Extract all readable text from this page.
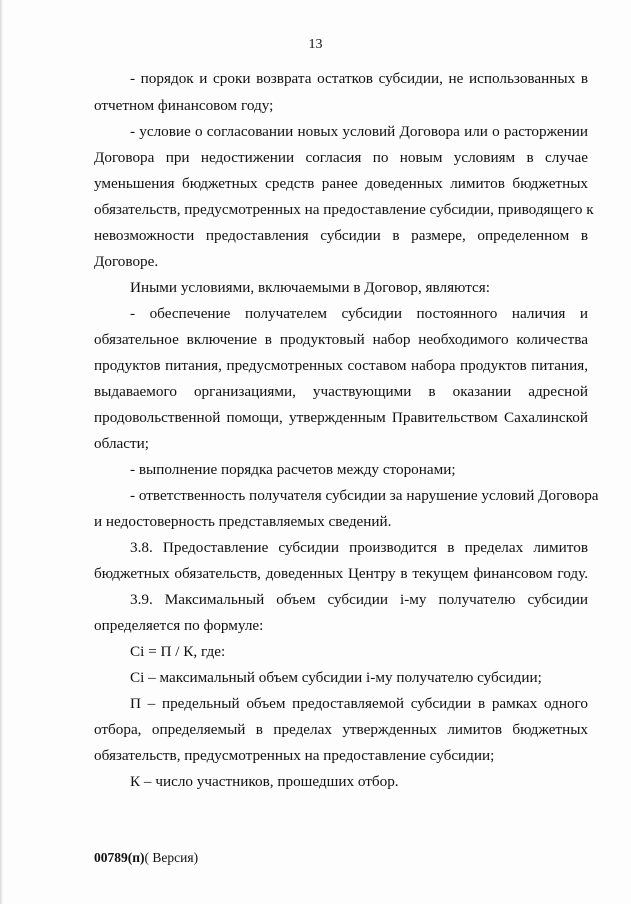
13
- порядок и сроки возврата остатков субсидии, не использованных в
отчетном финансовом году;
- условие о согласовании новых условий Договора или о расторжении
Договора при недостижении согласия по новым условиям в случае
уменьшения бюджетных средств ранее доведенных лимитов бюджетных
обязательств, предусмотренных на предоставление субсидии, приводящего к
невозможности предоставления субсидии в размере, определенном в
Договоре.
Иными условиями, включаемыми в Договор, являются:
- обеспечение получателем субсидии постоянного наличия и
обязательное включение в продуктовый набор необходимого количества
продуктов питания, предусмотренных составом набора продуктов питания,
выдаваемого организациями, участвующими в оказании адресной
продовольственной помощи, утвержденным Правительством Сахалинской
области;
- выполнение порядка расчетов между сторонами;
- ответственность получателя субсидии за нарушение условий Договора
и недостоверность представляемых сведений.
3.8. Предоставление субсидии производится в пределах лимитов
бюджетных обязательств, доведенных Центру в текущем финансовом году.
3.9. Максимальный объем субсидии i-му получателю субсидии
определяется по формуле:
Сi = П / К, где:
Сi – максимальный объем субсидии i-му получателю субсидии;
П – предельный объем предоставляемой субсидии в рамках одного
отбора, определяемый в пределах утвержденных лимитов бюджетных
обязательств, предусмотренных на предоставление субсидии;
К – число участников, прошедших отбор.
00789(п)( Версия)
